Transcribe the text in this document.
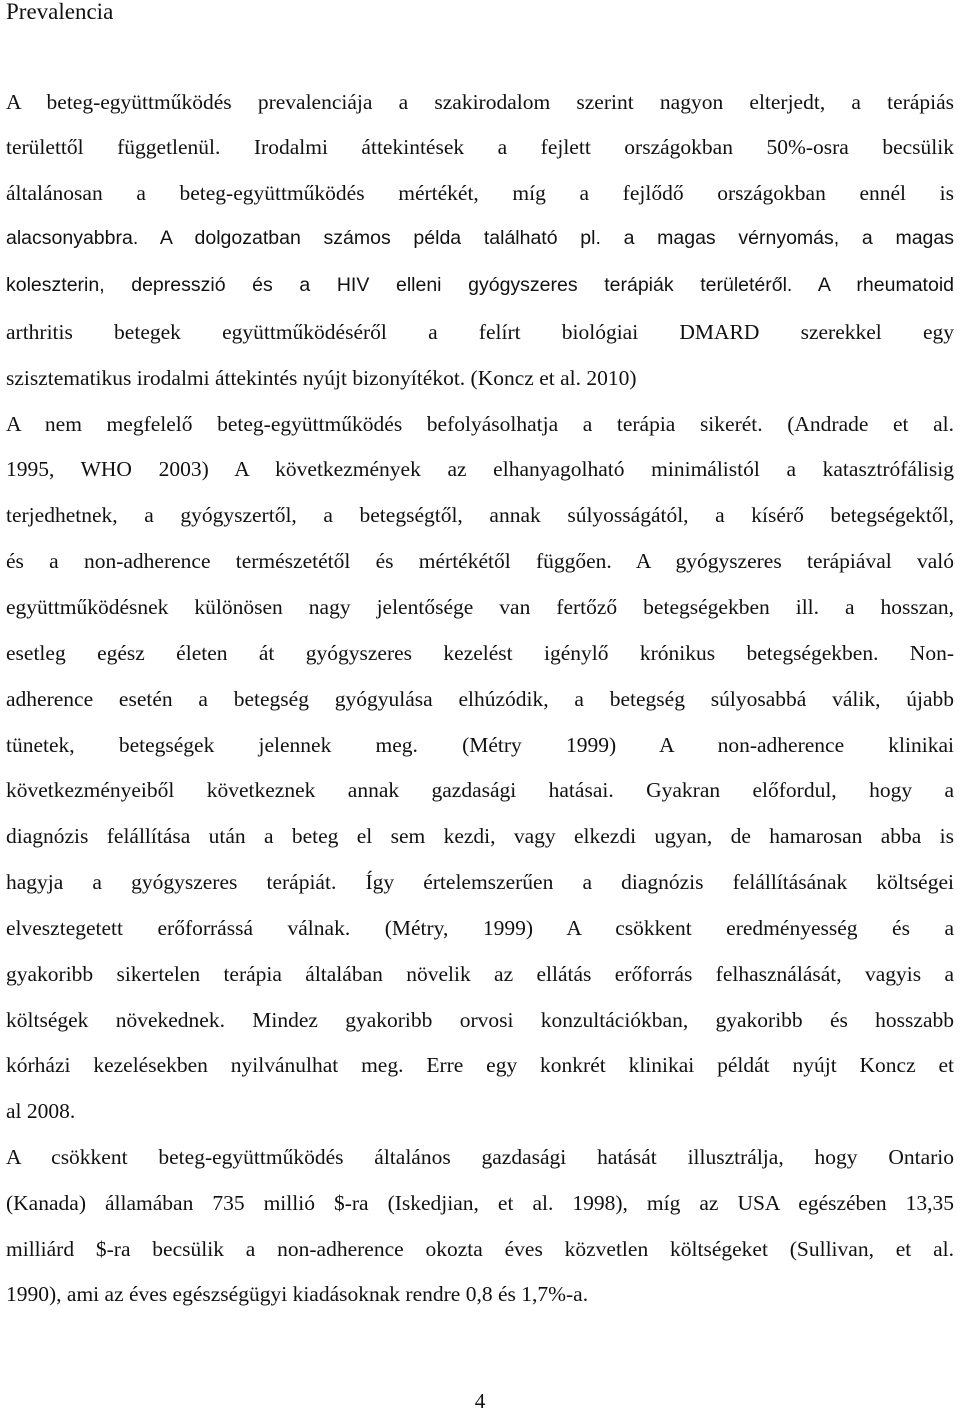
Prevalencia
A beteg-együttműködés prevalenciája a szakirodalom szerint nagyon elterjedt, a terápiás
területtől függetlenül. Irodalmi áttekintések a fejlett országokban 50%-osra becsülik
általánosan a beteg-együttműködés mértékét, míg a fejlődő országokban ennél is
alacsonyabbra. A dolgozatban számos példa található pl. a magas vérnyomás, a magas
koleszterin, depresszió és a HIV elleni gyógyszeres terápiák területéről. A rheumatoid
arthritis betegek együttműködéséről a felírt biológiai DMARD szerekkel egy
szisztematikus irodalmi áttekintés nyújt bizonyítékot. (Koncz et al. 2010)
A nem megfelelő beteg-együttműködés befolyásolhatja a terápia sikerét. (Andrade et al.
1995, WHO 2003) A következmények az elhanyagolható minimálistól a katasztrófálisig
terjedhetnek, a gyógyszertől, a betegségtől, annak súlyosságától, a kísérő betegségektől,
és a non-adherence természetétől és mértékétől függően. A gyógyszeres terápiával való
együttműködésnek különösen nagy jelentősége van fertőző betegségekben ill. a hosszan,
esetleg egész életen át gyógyszeres kezelést igénylő krónikus betegségekben. Non-
adherence esetén a betegség gyógyulása elhúzódik, a betegség súlyosabbá válik, újabb
tünetek, betegségek jelennek meg. (Métry 1999) A non-adherence klinikai
következményeiből következnek annak gazdasági hatásai. Gyakran előfordul, hogy a
diagnózis felállítása után a beteg el sem kezdi, vagy elkezdi ugyan, de hamarosan abba is
hagyja a gyógyszeres terápiát. Így értelemszerűen a diagnózis felállításának költségei
elvesztegetett erőforrássá válnak. (Métry, 1999) A csökkent eredményesség és a
gyakoribb sikertelen terápia általában növelik az ellátás erőforrás felhasználását, vagyis a
költségek növekednek. Mindez gyakoribb orvosi konzultációkban, gyakoribb és hosszabb
kórházi kezelésekben nyilvánulhat meg. Erre egy konkrét klinikai példát nyújt Koncz et
al 2008.
A csökkent beteg-együttműködés általános gazdasági hatását illusztrálja, hogy Ontario
(Kanada) államában 735 millió $-ra (Iskedjian, et al. 1998), míg az USA egészében 13,35
milliárd $-ra becsülik a non-adherence okozta éves közvetlen költségeket (Sullivan, et al.
1990), ami az éves egészségügyi kiadásoknak rendre 0,8 és 1,7%-a.
4
